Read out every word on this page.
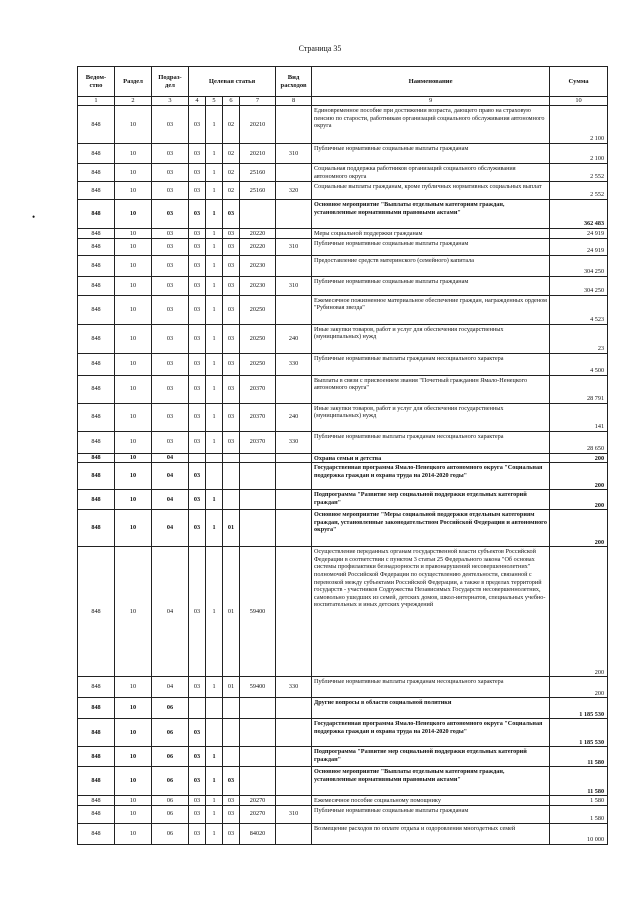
Страница 35
•
Ведом-ство	Раздел	Подраз-дел	Целевая статья				Вид расходов	Наименование	Сумма
1	2	3	4	5	6	7	8	9	10
848	10	03	03	1	02	20210		Единовременное пособие при достижении возраста, дающего право на страховую пенсию по старости, работникам организаций социального обслуживания автономного округа	2 100
848	10	03	03	1	02	20210	310	Публичные нормативные социальные выплаты гражданам	2 100
848	10	03	03	1	02	25160		Социальная поддержка работников организаций социального обслуживания автономного округа	2 552
848	10	03	03	1	02	25160	320	Социальные выплаты гражданам, кроме публичных нормативных социальных выплат	2 552
848	10	03	03	1	03			Основное мероприятие "Выплаты отдельным категориям граждан, установленные нормативными правовыми актами"	362 483
848	10	03	03	1	03	20220		Меры социальной поддержки гражданам	24 919
848	10	03	03	1	03	20220	310	Публичные нормативные социальные выплаты гражданам	24 919
848	10	03	03	1	03	20230		Предоставление средств материнского (семейного) капитала	304 250
848	10	03	03	1	03	20230	310	Публичные нормативные социальные выплаты гражданам	304 250
848	10	03	03	1	03	20250		Ежемесячное пожизненное материальное обеспечение граждан, награжденных орденом "Рубиновая звезда"	4 523
848	10	03	03	1	03	20250	240	Иные закупки товаров, работ и услуг для обеспечения государственных (муниципальных) нужд	23
848	10	03	03	1	03	20250	330	Публичные нормативные выплаты гражданам несоциального характера	4 500
848	10	03	03	1	03	20370		Выплаты в связи с присвоением звания "Почетный гражданин Ямало-Ненецкого автономного округа"	28 791
848	10	03	03	1	03	20370	240	Иные закупки товаров, работ и услуг для обеспечения государственных (муниципальных) нужд	141
848	10	03	03	1	03	20370	330	Публичные нормативные выплаты гражданам несоциального характера	28 650
848	10	04						Охрана семьи и детства	200
848	10	04	03					Государственная программа Ямало-Ненецкого автономного округа "Социальная поддержка граждан и охрана труда на 2014-2020 годы"	200
848	10	04	03	1				Подпрограмма "Развитие мер социальной поддержки отдельных категорий граждан"	200
848	10	04	03	1	01			Основное мероприятие "Меры социальной поддержки отдельным категориям граждан, установленные законодательством Российской Федерации и автономного округа"	200
848	10	04	03	1	01	59400		Осуществление переданных органам государственной власти субъектов Российской Федерации в соответствии с пунктом 3 статьи 25 Федерального закона "Об основах системы профилактики безнадзорности и правонарушений несовершеннолетних" полномочий Российской Федерации по осуществлению деятельности, связанной с перевозкой между субъектами Российской Федерации, а также в пределах территорий государств - участников Содружества Независимых Государств несовершеннолетних, самовольно ушедших из семей, детских домов, школ-интернатов, специальных учебно-воспитательных и иных детских учреждений	200
848	10	04	03	1	01	59400	330	Публичные нормативные выплаты гражданам несоциального характера	200
848	10	06						Другие вопросы в области социальной политики	1 185 530
848	10	06	03					Государственная программа Ямало-Ненецкого автономного округа "Социальная поддержка граждан и охрана труда на 2014-2020 годы"	1 185 530
848	10	06	03	1				Подпрограмма "Развитие мер социальной поддержки отдельных категорий граждан"	11 580
848	10	06	03	1	03			Основное мероприятие "Выплаты отдельным категориям граждан, установленные нормативными правовыми актами"	11 580
848	10	06	03	1	03	20270		Ежемесячное пособие социальному помощнику	1 580
848	10	06	03	1	03	20270	310	Публичные нормативные социальные выплаты гражданам	1 580
848	10	06	03	1	03	84020		Возмещение расходов по оплате отдыха и оздоровления многодетных семей	10 000
